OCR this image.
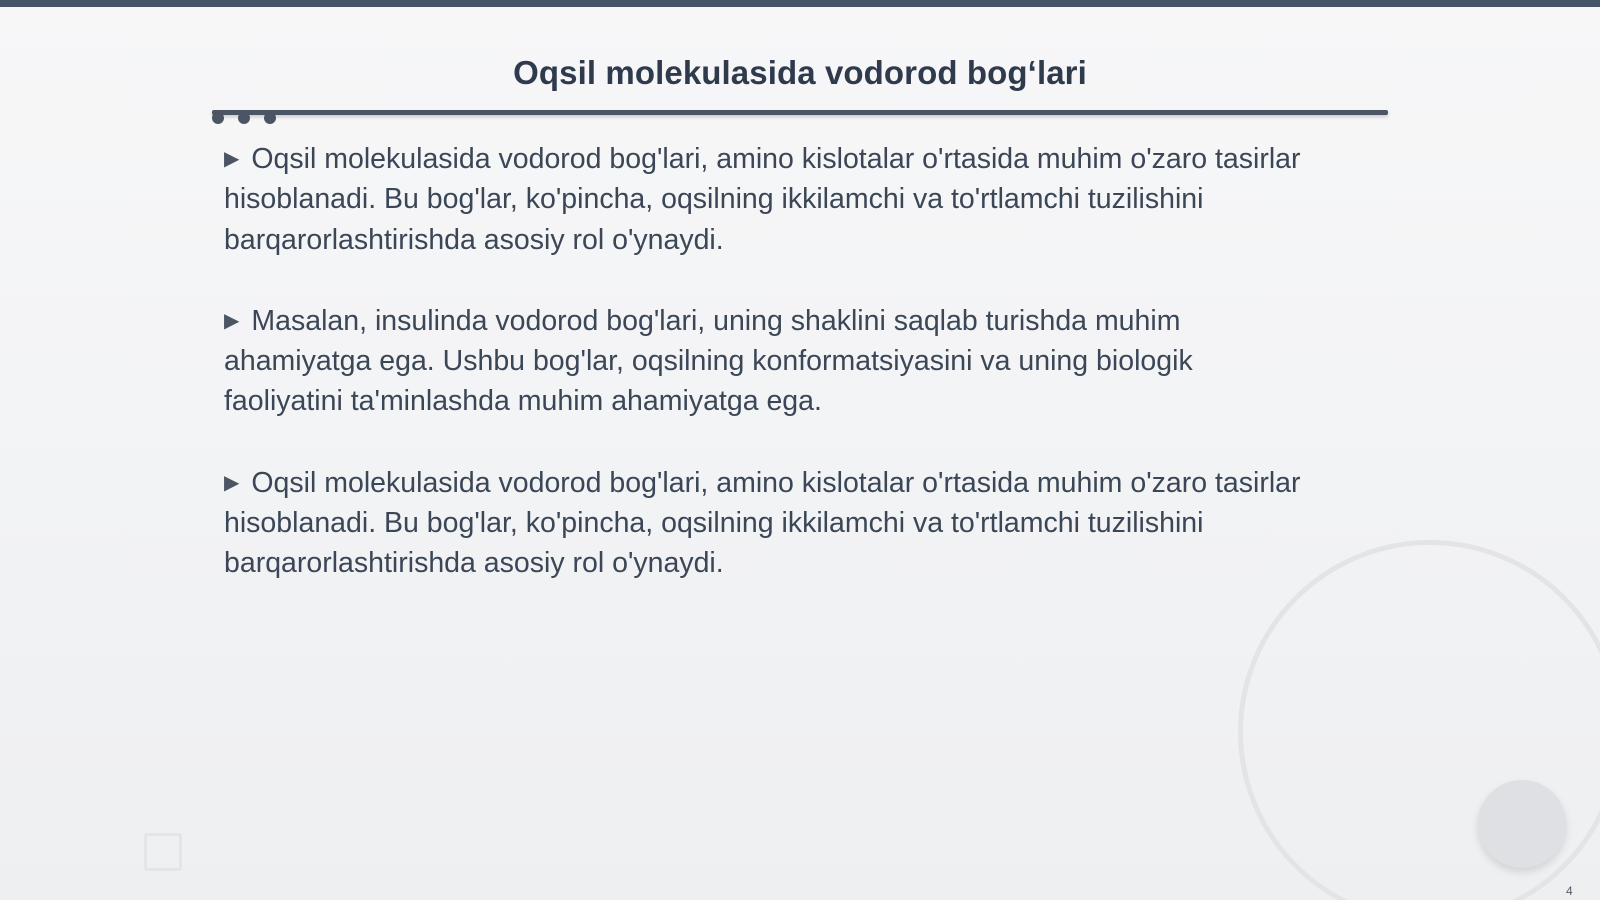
Oqsil molekulasida vodorod bog‘lari

▶ Oqsil molekulasida vodorod bog'lari, amino kislotalar o'rtasida muhim o'zaro tasirlar hisoblanadi. Bu bog'lar, ko'pincha, oqsilning ikkilamchi va to'rtlamchi tuzilishini barqarorlashtirishda asosiy rol o'ynaydi.

▶ Masalan, insulinda vodorod bog'lari, uning shaklini saqlab turishda muhim ahamiyatga ega. Ushbu bog'lar, oqsilning konformatsiyasini va uning biologik faoliyatini ta'minlashda muhim ahamiyatga ega.

▶ Oqsil molekulasida vodorod bog'lari, amino kislotalar o'rtasida muhim o'zaro tasirlar hisoblanadi. Bu bog'lar, ko'pincha, oqsilning ikkilamchi va to'rtlamchi tuzilishini barqarorlashtirishda asosiy rol o'ynaydi.

4
